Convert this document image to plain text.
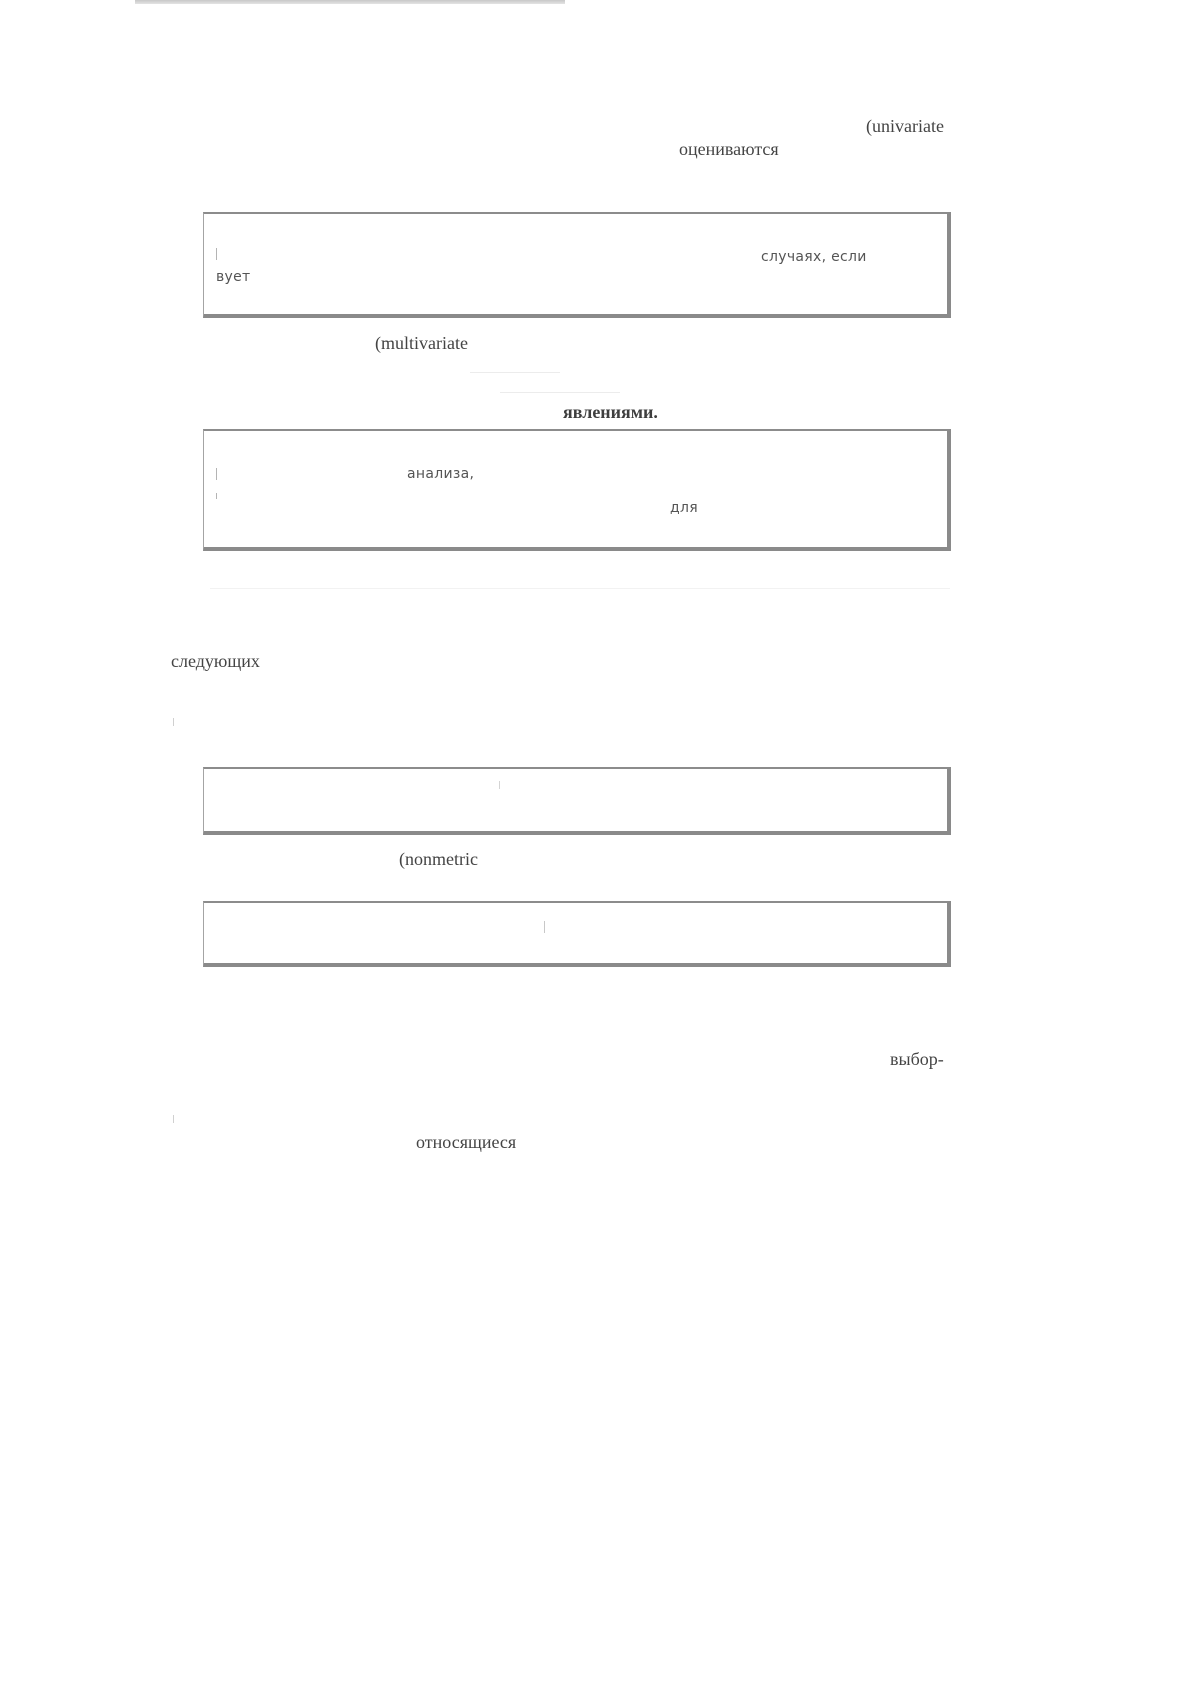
(univariate
оцениваются
случаях, если
вует
(multivariate
явлениями.
анализа,
для
следующих
(nonmetric
выбор-
относящиеся
